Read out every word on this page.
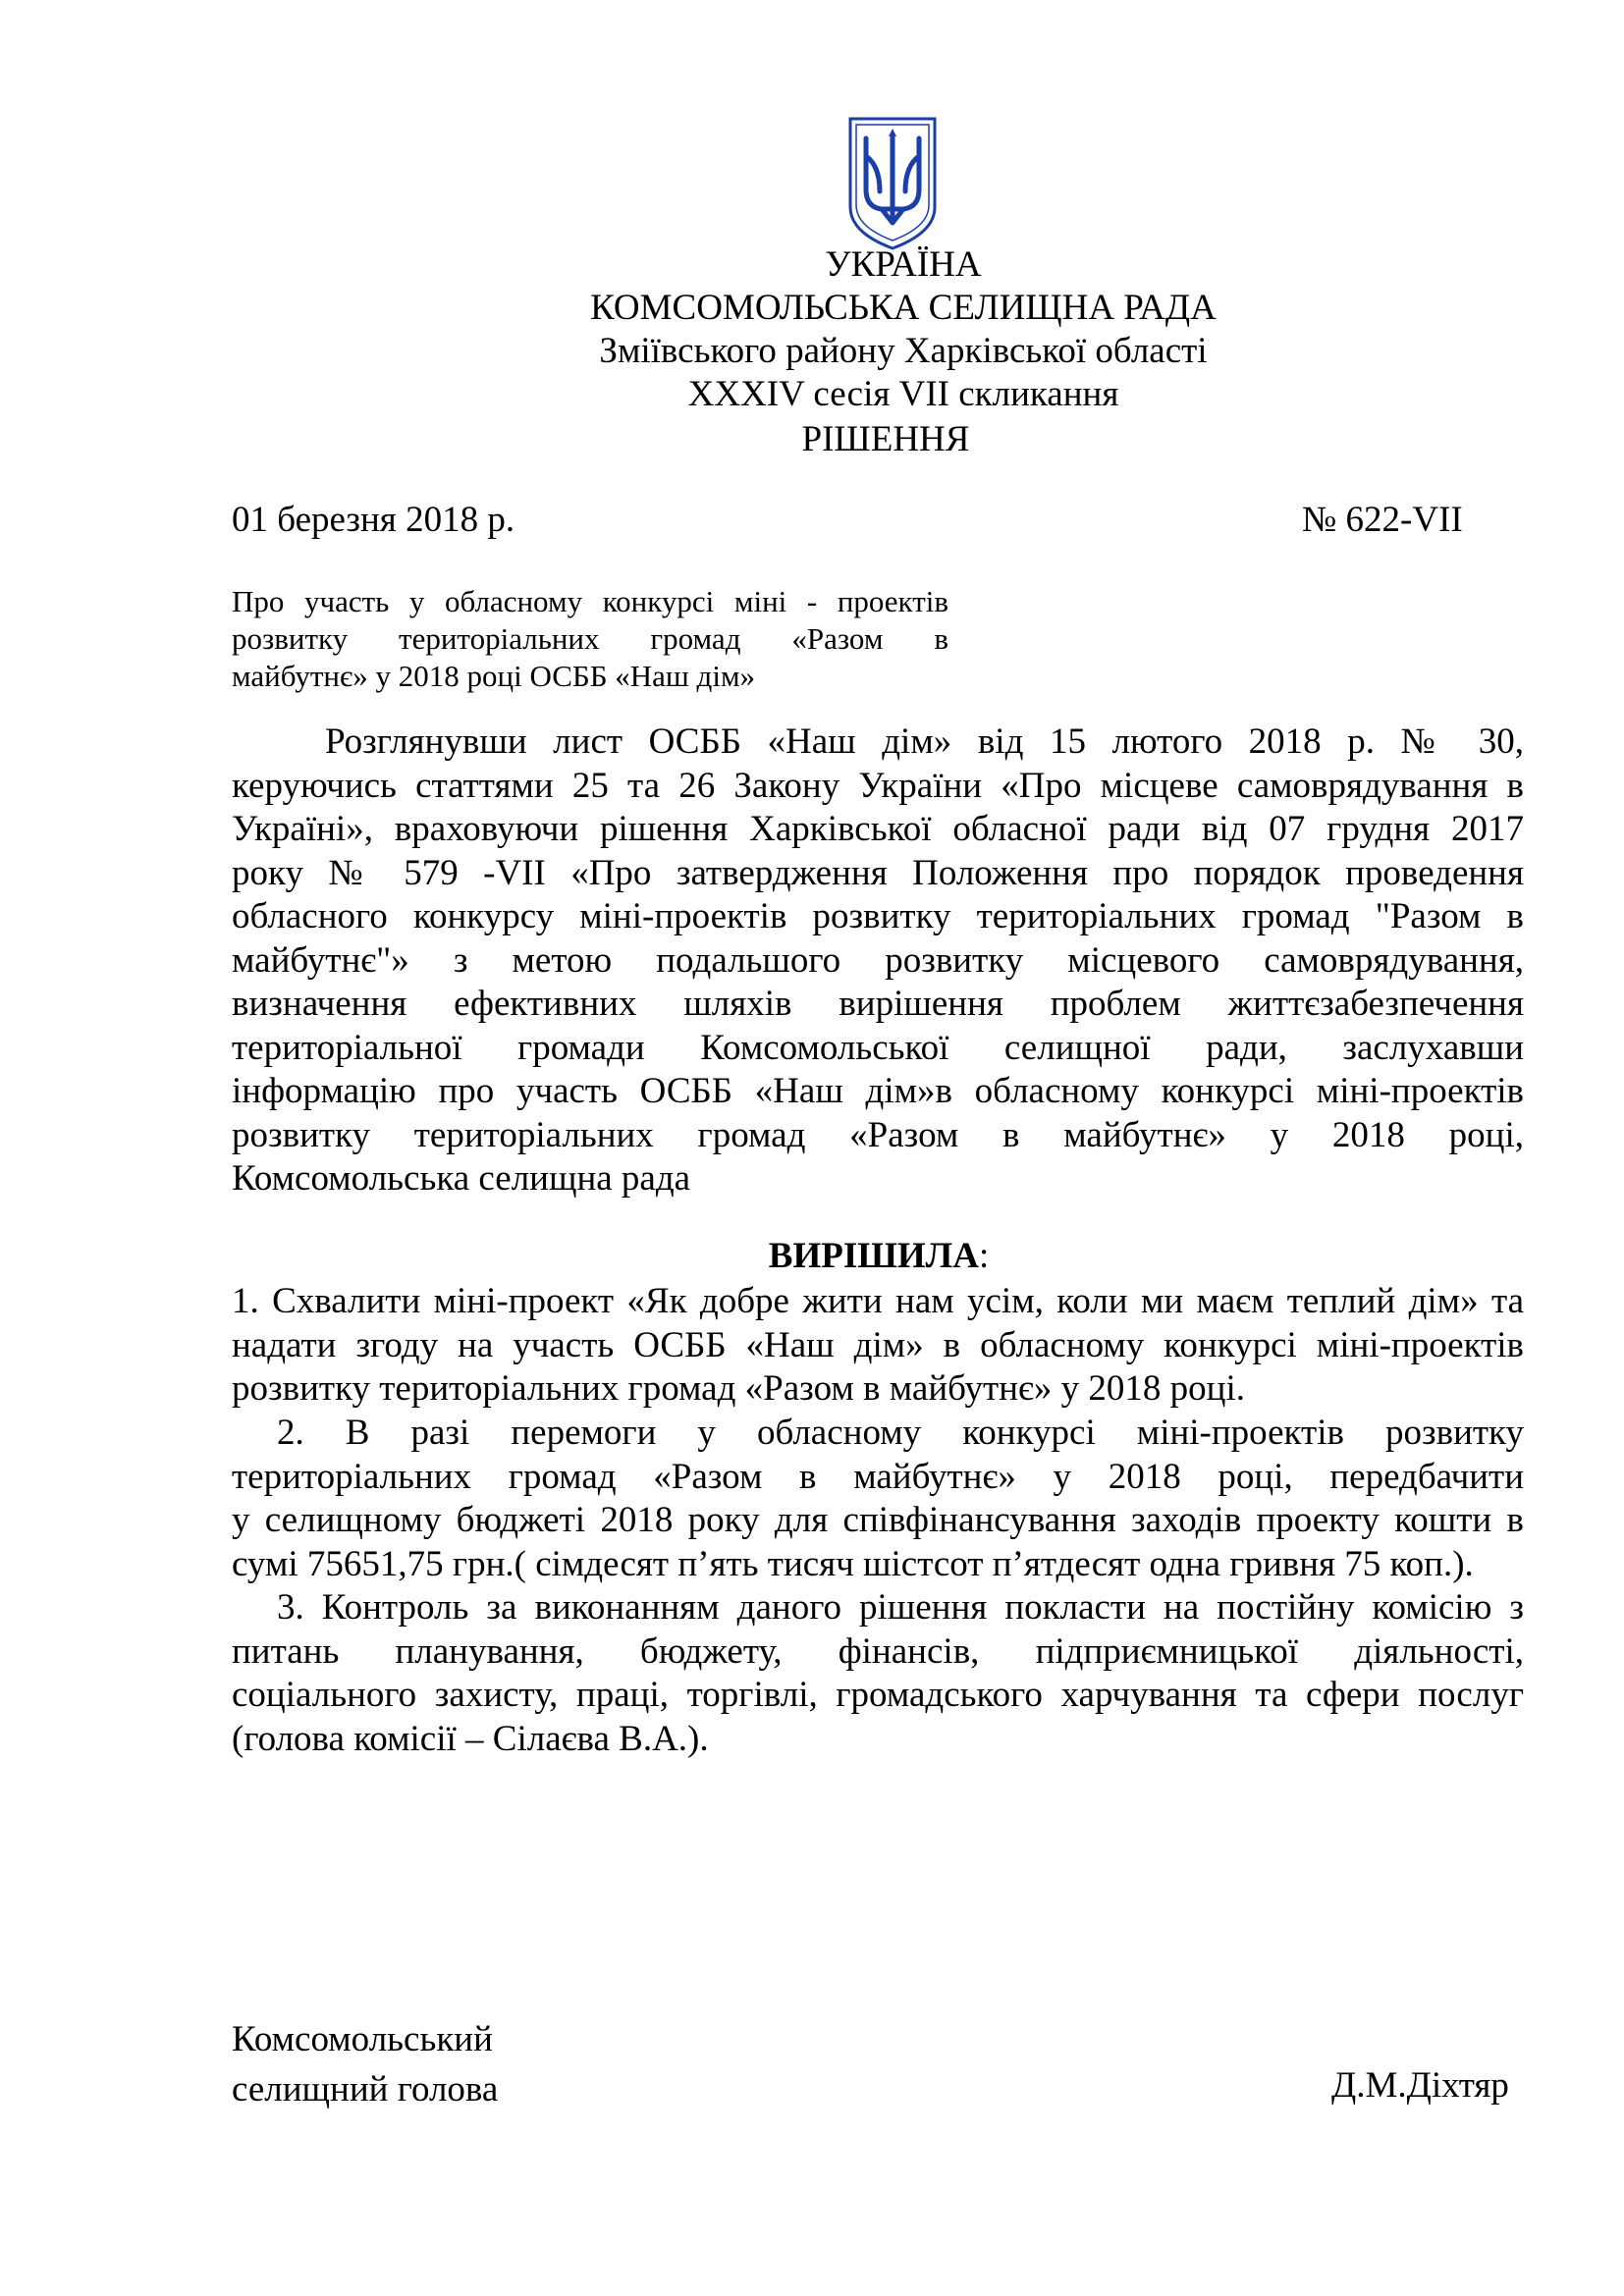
УКРАЇНА
КОМСОМОЛЬСЬКА СЕЛИЩНА РАДА
Зміївського району Харківської області
XXXIV сесія VII скликання
РІШЕННЯ
01 березня 2018 р.	№ 622-VII
Про участь у обласному конкурсі міні - проектів
розвитку територіальних громад «Разом в
майбутнє» у 2018 році ОСББ «Наш дім»
Розглянувши лист ОСББ «Наш дім» від 15 лютого 2018 р. № 30,
керуючись статтями 25 та 26 Закону України «Про місцеве самоврядування в
Україні», враховуючи рішення Харківської обласної ради від 07 грудня 2017
року № 579 -VII «Про затвердження Положення про порядок проведення
обласного конкурсу міні-проектів розвитку територіальних громад "Разом в
майбутнє"» з метою подальшого розвитку місцевого самоврядування,
визначення ефективних шляхів вирішення проблем життєзабезпечення
територіальної громади Комсомольської селищної ради, заслухавши
інформацію про участь ОСББ «Наш дім»в обласному конкурсі міні-проектів
розвитку територіальних громад «Разом в майбутнє» у 2018 році,
Комсомольська селищна рада
ВИРІШИЛА:
1. Схвалити міні-проект «Як добре жити нам усім, коли ми маєм теплий дім» та
надати згоду на участь ОСББ «Наш дім» в обласному конкурсі міні-проектів
розвитку територіальних громад «Разом в майбутнє» у 2018 році.
2. В разі перемоги у обласному конкурсі міні-проектів розвитку
територіальних громад «Разом в майбутнє» у 2018 році, передбачити
у селищному бюджеті 2018 року для співфінансування заходів проекту кошти в
сумі 75651,75 грн.( сімдесят п’ять тисяч шістсот п’ятдесят одна гривня 75 коп.).
3. Контроль за виконанням даного рішення покласти на постійну комісію з
питань планування, бюджету, фінансів, підприємницької діяльності,
соціального захисту, праці, торгівлі, громадського харчування та сфери послуг
(голова комісії – Сілаєва В.А.).
Комсомольський
селищний голова	Д.М.Діхтяр
